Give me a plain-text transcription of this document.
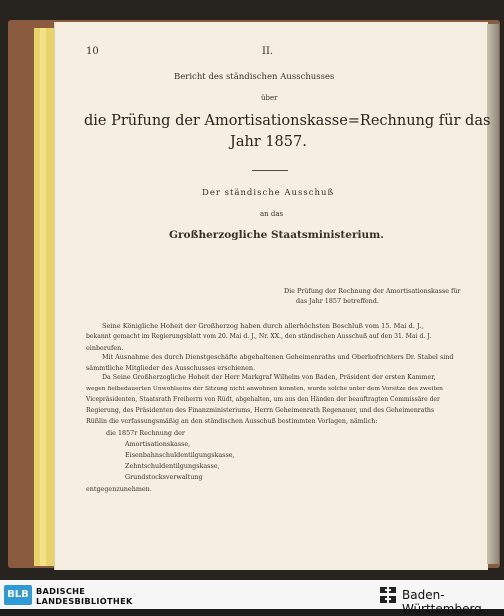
10	II.
Bericht des ständischen Ausschusses
über
die Prüfung der Amortisationskasse=Rechnung für das
Jahr 1857.
Der ständische Ausschuß
an das
Großherzogliche Staatsministerium.
Die Prüfung der Rechnung der Amortisationskasse für
das Jahr 1857 betreffend.
Seine Königliche Hoheit der Großherzog haben durch allerhöchsten Beschluß vom 15. Mai d. J.,
bekannt gemacht im Regierungsblatt vom 20. Mai d. J., Nr. XX., den ständischen Ausschuß auf den 31. Mai d. J.
einberufen.
Mit Ausnahme des durch Dienstgeschäfte abgehaltenen Geheimenraths und Oberhofrichters Dr. Stabel sind
sämmtliche Mitglieder des Ausschusses erschienen.
Da Seine Großherzogliche Hoheit der Herr Markgraf Wilhelm von Baden, Präsident der ersten Kammer,
wegen fielbedauerten Unwohlseins der Sitzung nicht anwohnen konnten, wurde solche unter dem Vorsitze des zweiten
Vicepräsidenten, Staatsrath Freiherrn von Rüdt, abgehalten, um aus den Händen der beauftragten Commissäre der
Regierung, des Präsidenten des Finanzministeriums, Herrn Geheimenrath Regenauer, und des Geheimenraths
Rüßlin die verfassungsmäßig an den ständischen Ausschuß bestimmten Vorlagen, nämlich:
die 1857r Rechnung der
Amortisationskasse,
Eisenbahnschuldentilgungskasse,
Zehntschuldentilgungskasse,
Grundstocksverwaltung
entgegenzunehmen.
BLB BADISCHE
LANDESBIBLIOTHEK	Baden-Württemberg
